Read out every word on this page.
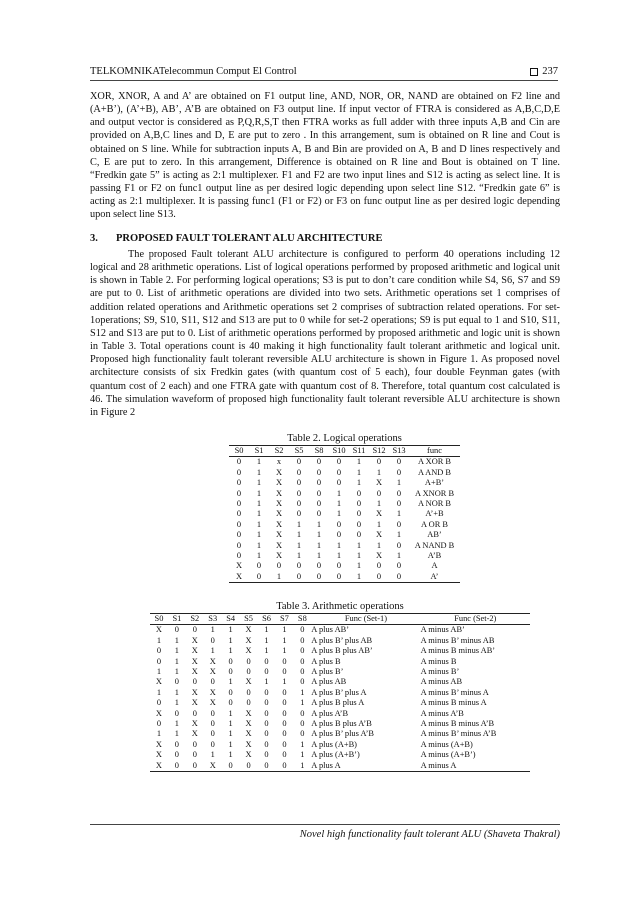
TELKOMNIKATelecommun Comput El Control	237

XOR, XNOR, A and A’ are obtained on F1 output line, AND, NOR, OR, NAND are obtained on F2 line and (A+B’), (A’+B), AB’, A’B are obtained on F3 output line. If input vector of FTRA is considered as A,B,C,D,E and output vector is considered as P,Q,R,S,T then FTRA works as full adder with three inputs A,B and Cin are provided on A,B,C lines and D, E are put to zero . In this arrangement, sum is obtained on R line and Cout is obtained on S line. While for subtraction inputs A, B and Bin are provided on A, B and D lines respectively and C, E are put to zero. In this arrangement, Difference is obtained on R line and Bout is obtained on T line. “Fredkin gate 5” is acting as 2:1 multiplexer. F1 and F2 are two input lines and S12 is acting as select line. It is passing F1 or F2 on func1 output line as per desired logic depending upon select line S12. “Fredkin gate 6” is acting as 2:1 multiplexer. It is passing func1 (F1 or F2) or F3 on func output line as per desired logic depending upon select line S13.

3. PROPOSED FAULT TOLERANT ALU ARCHITECTURE

The proposed Fault tolerant ALU architecture is configured to perform 40 operations including 12 logical and 28 arithmetic operations. List of logical operations performed by proposed arithmetic and logical unit is shown in Table 2. For performing logical operations; S3 is put to don’t care condition while S4, S6, S7 and S9 are put to 0. List of arithmetic operations are divided into two sets. Arithmetic operations set 1 comprises of addition related operations and Arithmetic operations set 2 comprises of subtraction related operations. For set-1operations; S9, S10, S11, S12 and S13 are put to 0 while for set-2 operations; S9 is put equal to 1 and S10, S11, S12 and S13 are put to 0. List of arithmetic operations performed by proposed arithmetic and logic unit is shown in Table 3. Total operations count is 40 making it high functionality fault tolerant arithmetic and logical unit. Proposed high functionality fault tolerant reversible ALU architecture is shown in Figure 1. As proposed novel architecture consists of six Fredkin gates (with quantum cost of 5 each), four double Feynman gates (with quantum cost of 2 each) and one FTRA gate with quantum cost of 8. Therefore, total quantum cost calculated is 46. The simulation waveform of proposed high functionality fault tolerant reversible ALU architecture is shown in Figure 2

Table 2. Logical operations

S0	S1	S2	S5	S8	S10	S11	S12	S13	func
0	1	x	0	0	0	1	0	0	A XOR B
0	1	X	0	0	0	1	1	0	A AND B
0	1	X	0	0	0	1	X	1	A+B’
0	1	X	0	0	1	0	0	0	A XNOR B
0	1	X	0	0	1	0	1	0	A NOR B
0	1	X	0	0	1	0	X	1	A’+B
0	1	X	1	1	0	0	1	0	A OR B
0	1	X	1	1	0	0	X	1	AB’
0	1	X	1	1	1	1	1	0	A NAND B
0	1	X	1	1	1	1	X	1	A’B
X	0	0	0	0	0	1	0	0	A
X	0	1	0	0	0	1	0	0	A’

Table 3. Arithmetic operations

S0	S1	S2	S3	S4	S5	S6	S7	S8	Func (Set-1)	Func (Set-2)
X	0	0	1	1	X	1	1	0	A plus AB’	A minus AB’
1	1	X	0	1	X	1	1	0	A plus B’ plus AB	A minus B’ minus AB
0	1	X	1	1	X	1	1	0	A plus B plus AB’	A minus B minus AB’
0	1	X	X	0	0	0	0	0	A plus B	A minus B
1	1	X	X	0	0	0	0	0	A plus B’	A minus B’
X	0	0	0	1	X	1	1	0	A plus AB	A minus AB
1	1	X	X	0	0	0	0	1	A plus B’ plus A	A minus B’ minus A
0	1	X	X	0	0	0	0	1	A plus B plus A	A minus B minus A
X	0	0	0	1	X	0	0	0	A plus A’B	A minus A’B
0	1	X	0	1	X	0	0	0	A plus B plus A’B	A minus B minus A’B
1	1	X	0	1	X	0	0	0	A plus B’ plus A’B	A minus B’ minus A’B
X	0	0	0	1	X	0	0	1	A plus (A+B)	A minus (A+B)
X	0	0	1	1	X	0	0	1	A plus (A+B’)	A minus (A+B’)
X	0	0	X	0	0	0	0	1	A plus A	A minus A
Novel high functionality fault tolerant ALU (Shaveta Thakral)
